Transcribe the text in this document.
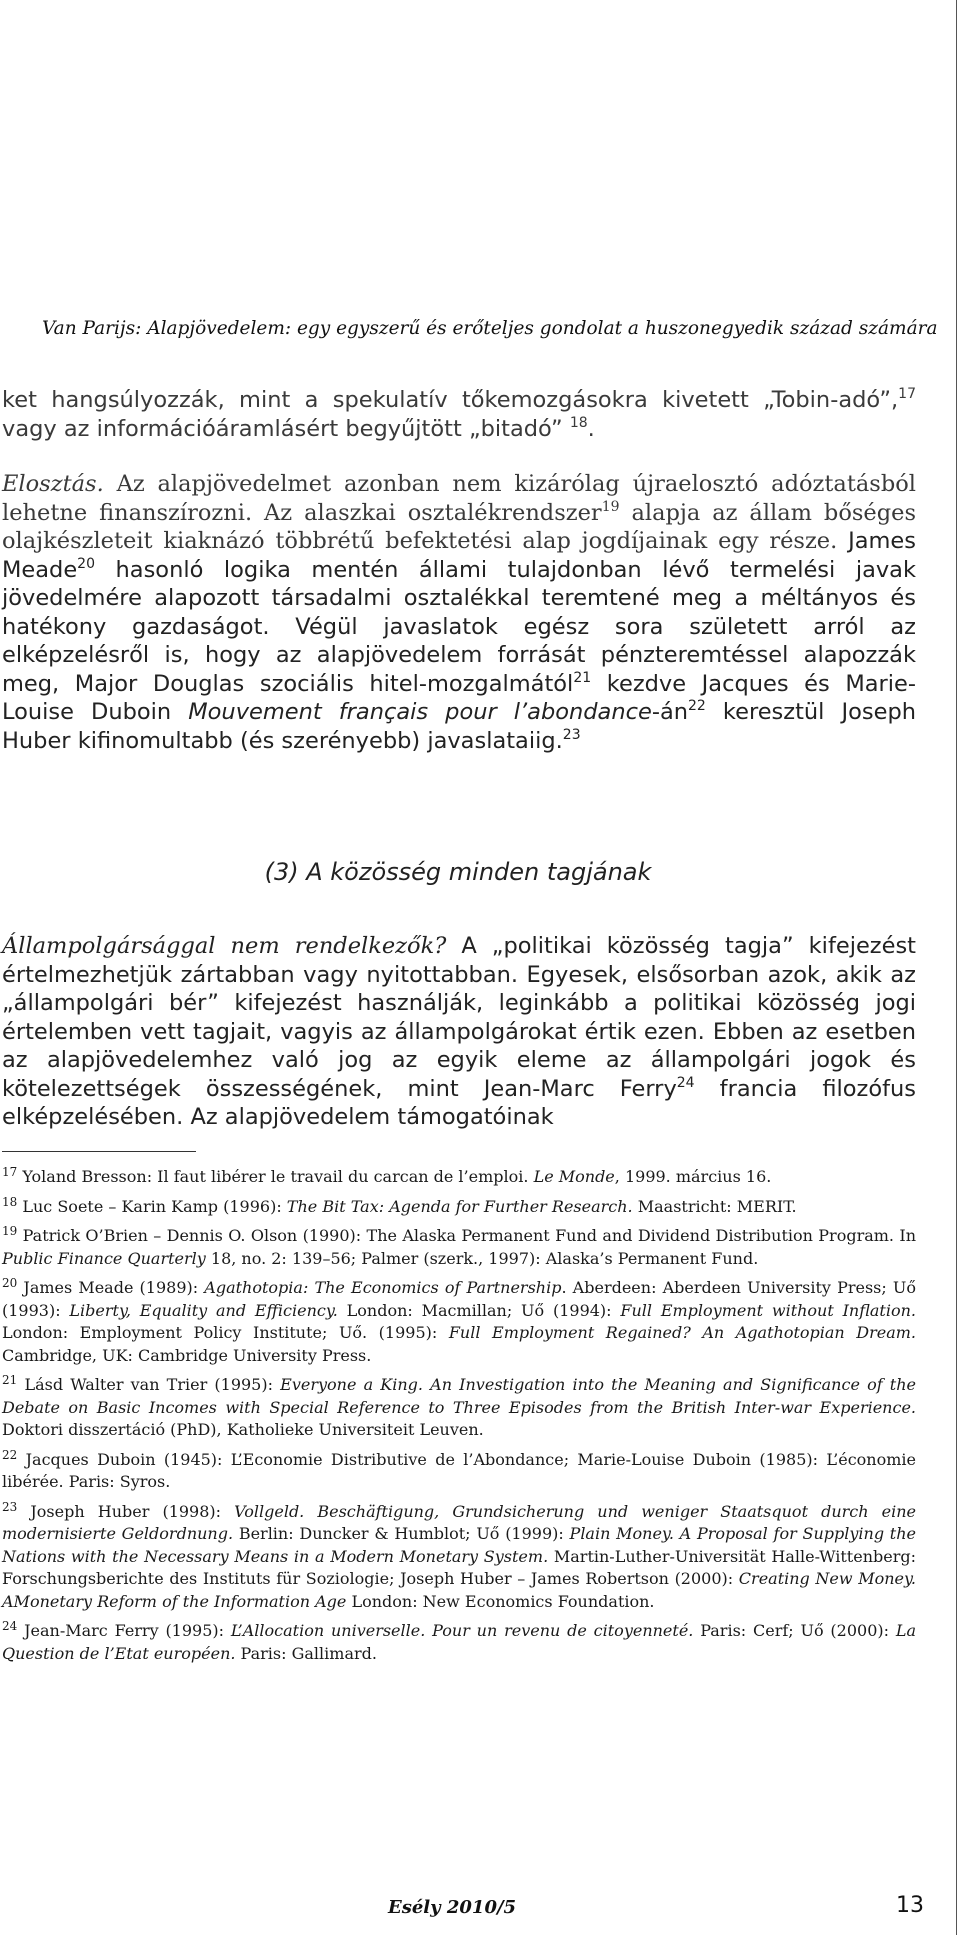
Van Parijs: Alapjövedelem: egy egyszerű és erőteljes gondolat a huszonegyedik század számára
ket hangsúlyozzák, mint a spekulatív tőkemozgásokra kivetett „Tobin-adó”,$^{17}$ vagy az információáramlásért begyűjtött „bitadó” $^{18}$.
Elosztás. Az alapjövedelmet azonban nem kizárólag újraelosztó adóztatásból lehetne finanszírozni. Az alaszkai osztalékrendszer$^{19}$ alapja az állam bőséges olajkészleteit kiaknázó többrétű befektetési alap jogdíjainak egy része. James Meade$^{20}$ hasonló logika mentén állami tulajdonban lévő termelési javak jövedelmére alapozott társadalmi osztalékkal teremtené meg a méltányos és hatékony gazdaságot. Végül javaslatok egész sora született arról az elképzelésről is, hogy az alapjövedelem forrását pénzteremtéssel alapozzák meg, Major Douglas szociális hitel-mozgalmától$^{21}$ kezdve Jacques és Marie-Louise Duboin Mouvement français pour $l’abondance-án^{22}$ keresztül Joseph Huber kifinomultabb (és szerényebb) javaslataiig.$^{23}$
(3) A közösség minden tagjának
Állampolgársággal nem rendelkezők? A „politikai közösség tagja” kifejezést értelmezhetjük zártabban vagy nyitottabban. Egyesek, elsősorban azok, akik az „állampolgári bér” kifejezést használják, leginkább a politikai közösség jogi értelemben vett tagjait, vagyis az állampolgárokat értik ezen. Ebben az esetben az alapjövedelemhez való jog az egyik eleme az állampolgári jogok és kötelezettségek összességének, mint Jean-Marc Ferry$^{24}$ francia filozófus elképzelésében. Az alapjövedelem támogatóinak

$^{17}$ Yoland Bresson: Il faut libérer le travail du carcan de l’emploi. Le Monde, 1999. március 16.

$^{18}$ Luc Soete – Karin Kamp (1996): The Bit Tax: Agenda for Further Research. Maastricht: MERIT.

$^{19}$ Patrick O’Brien – Dennis O. Olson (1990): The Alaska Permanent Fund and Dividend Distribution Program. In Public Finance Quarterly 18, no. 2: 139–56; Palmer (szerk., 1997): Alaska’s Permanent Fund.

$^{20}$ James Meade (1989): Agathotopia: The Economics of Partnership. Aberdeen: Aberdeen University Press; Uő (1993): Liberty, Equality and Efficiency. London: Macmillan; Uő (1994): Full Employment without Inflation. London: Employment Policy Institute; Uő. (1995): Full Employment Regained? An Agathotopian Dream. Cambridge, UK: Cambridge University Press.

$^{21}$ Lásd Walter van Trier (1995): Everyone a King. An Investigation into the Meaning and Significance of the Debate on Basic Incomes with Special Reference to Three Episodes from the British Inter-war Experience. Doktori disszertáció (PhD), Katholieke Universiteit Leuven.

$^{22}$ Jacques Duboin (1945): L’Economie Distributive de l’Abondance; Marie-Louise Duboin (1985): L’économie libérée. Paris: Syros.

$^{23}$ Joseph Huber (1998): Vollgeld. Beschäftigung, Grundsicherung und weniger Staatsquot durch eine modernisierte Geldordnung. Berlin: Duncker & Humblot; Uő (1999): Plain Money. A Proposal for Supplying the Nations with the Necessary Means in a Modern Monetary System. Martin-Luther-Universität Halle-Wittenberg: Forschungsberichte des Instituts für Soziologie; Joseph Huber – James Robertson (2000): Creating New Money. AMonetary Reform of the Information Age London: New Economics Foundation.

$^{24}$ Jean-Marc Ferry (1995): L’Allocation universelle. Pour un revenu de citoyenneté. Paris: Cerf; Uő (2000): La Question de l’Etat européen. Paris: Gallimard.

Esély 2010/5	13
